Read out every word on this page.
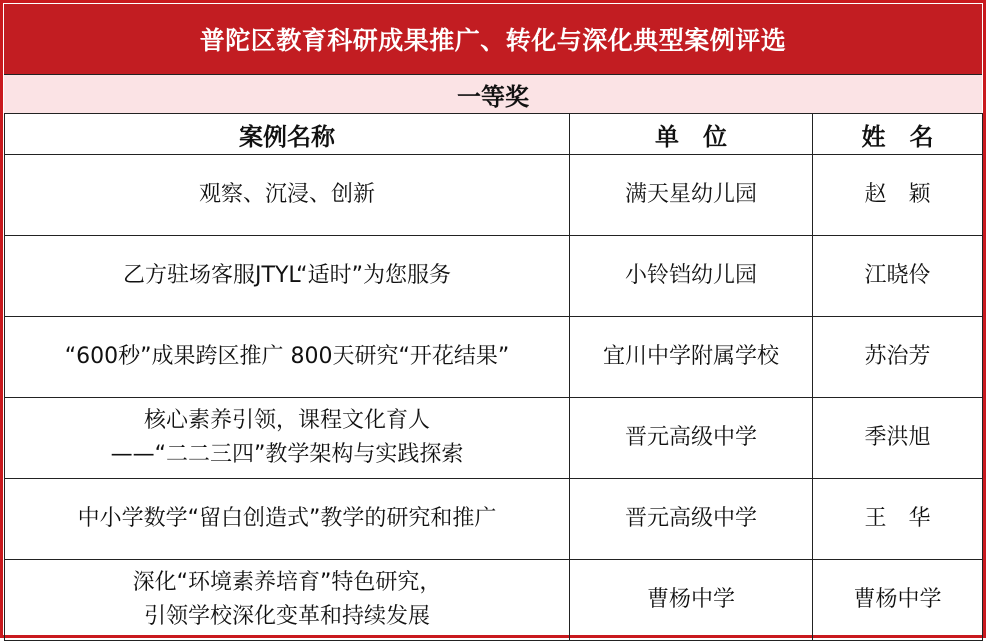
普陀区教育科研成果推广、转化与深化典型案例评选
一等奖
案例名称	单　位	姓　名

观察、沉浸、创新	满天星幼儿园	赵　颖

乙方驻场客服JTYL“适时”为您服务	小铃铛幼儿园	江晓伶

“600秒”成果跨区推广 800天研究“开花结果”	宜川中学附属学校	苏治芳

核心素养引领，课程文化育人
——“二二三四”教学架构与实践探索	晋元高级中学	季洪旭

中小学数学“留白创造式”教学的研究和推广	晋元高级中学	王　华

深化“环境素养培育”特色研究，
引领学校深化变革和持续发展	曹杨中学	曹杨中学
